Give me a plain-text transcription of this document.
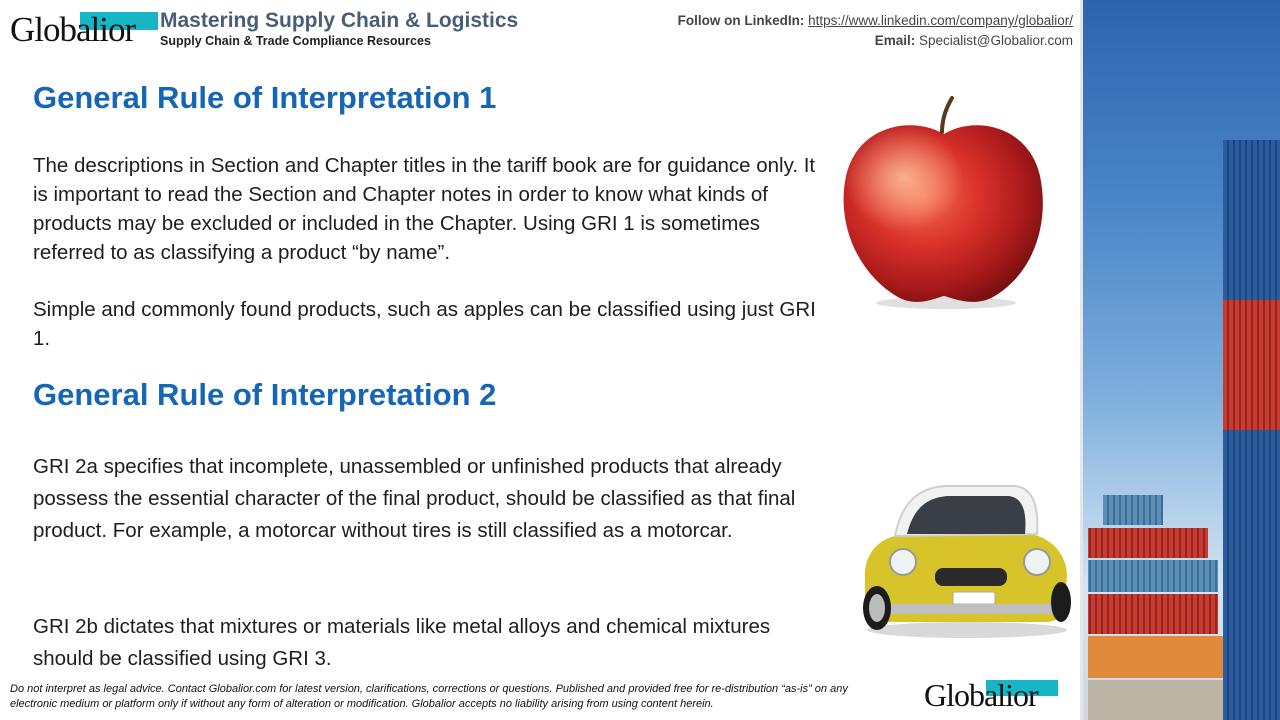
Globalior Mastering Supply Chain & Logistics
Supply Chain & Trade Compliance Resources
Follow on LinkedIn: https://www.linkedin.com/company/globalior/
Email: Specialist@Globalior.com
General Rule of Interpretation 1
The descriptions in Section and Chapter titles in the tariff book are for guidance only. It is important to read the Section and Chapter notes in order to know what kinds of products may be excluded or included in the Chapter. Using GRI 1 is sometimes referred to as classifying a product “by name”.
Simple and commonly found products, such as apples can be classified using just GRI 1.
General Rule of Interpretation 2
GRI 2a specifies that incomplete, unassembled or unfinished products that already possess the essential character of the final product, should be classified as that final product. For example, a motorcar without tires is still classified as a motorcar.
GRI 2b dictates that mixtures or materials like metal alloys and chemical mixtures should be classified using GRI 3.
Do not interpret as legal advice. Contact Globalior.com for latest version, clarifications, corrections or questions. Published and provided free for re-distribution “as-is” on any electronic medium or platform only if without any form of alteration or modification. Globalior accepts no liability arising from using content herein.	Globalior
